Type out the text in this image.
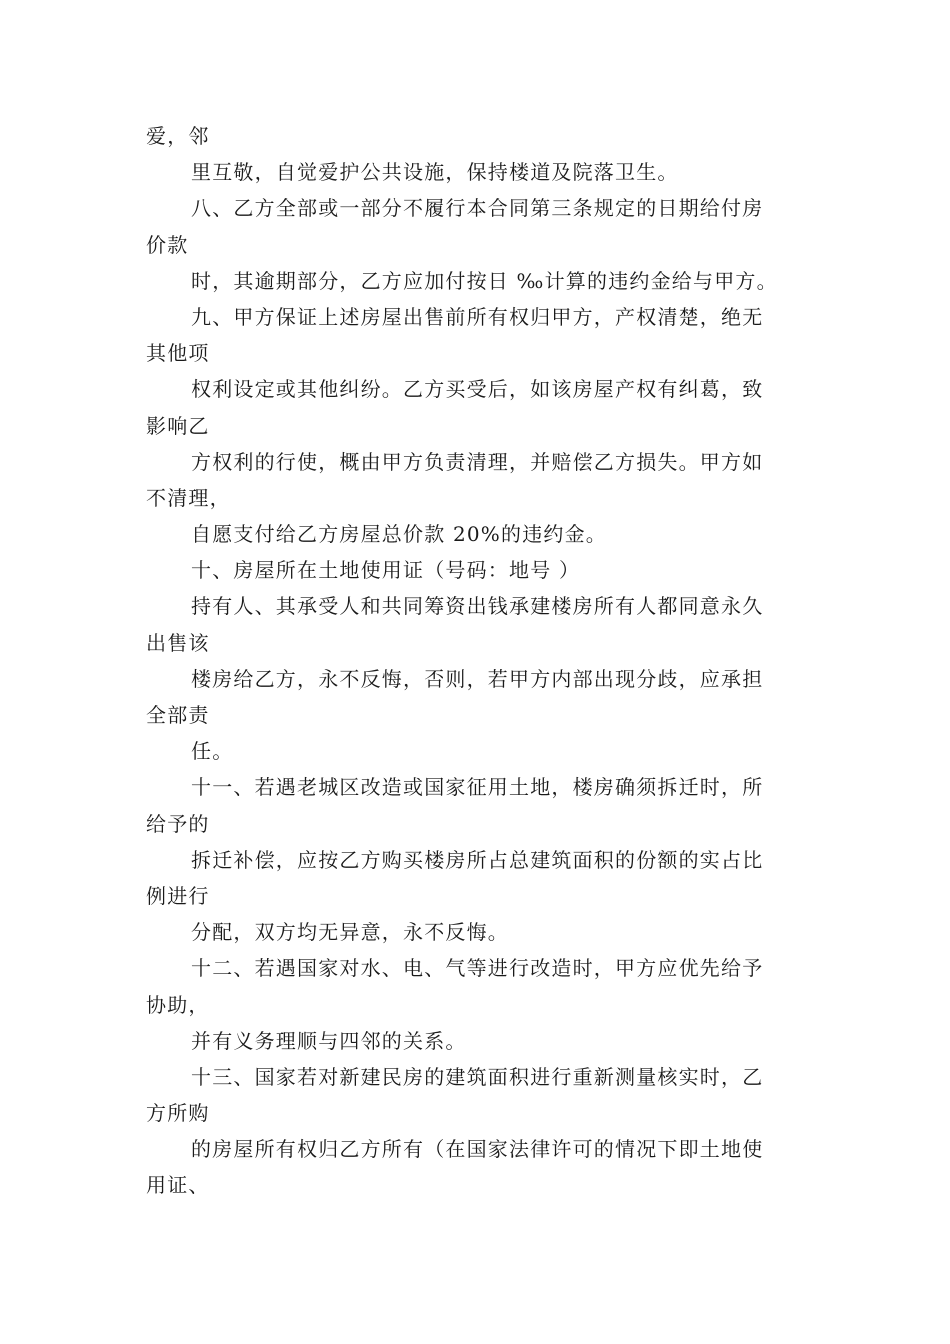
爱，邻
里互敬，自觉爱护公共设施，保持楼道及院落卫生。
八、乙方全部或一部分不履行本合同第三条规定的日期给付房
价款
时，其逾期部分，乙方应加付按日 ‰计算的违约金给与甲方。
九、甲方保证上述房屋出售前所有权归甲方，产权清楚，绝无
其他项
权利设定或其他纠纷。乙方买受后，如该房屋产权有纠葛，致
影响乙
方权利的行使，概由甲方负责清理，并赔偿乙方损失。甲方如
不清理，
自愿支付给乙方房屋总价款 20%的违约金。
十、房屋所在土地使用证（号码：地号 ）
持有人、其承受人和共同筹资出钱承建楼房所有人都同意永久
出售该
楼房给乙方，永不反悔，否则，若甲方内部出现分歧，应承担
全部责
任。
十一、若遇老城区改造或国家征用土地，楼房确须拆迁时，所
给予的
拆迁补偿，应按乙方购买楼房所占总建筑面积的份额的实占比
例进行
分配，双方均无异意，永不反悔。
十二、若遇国家对水、电、气等进行改造时，甲方应优先给予
协助，
并有义务理顺与四邻的关系。
十三、国家若对新建民房的建筑面积进行重新测量核实时，乙
方所购
的房屋所有权归乙方所有（在国家法律许可的情况下即土地使
用证、
